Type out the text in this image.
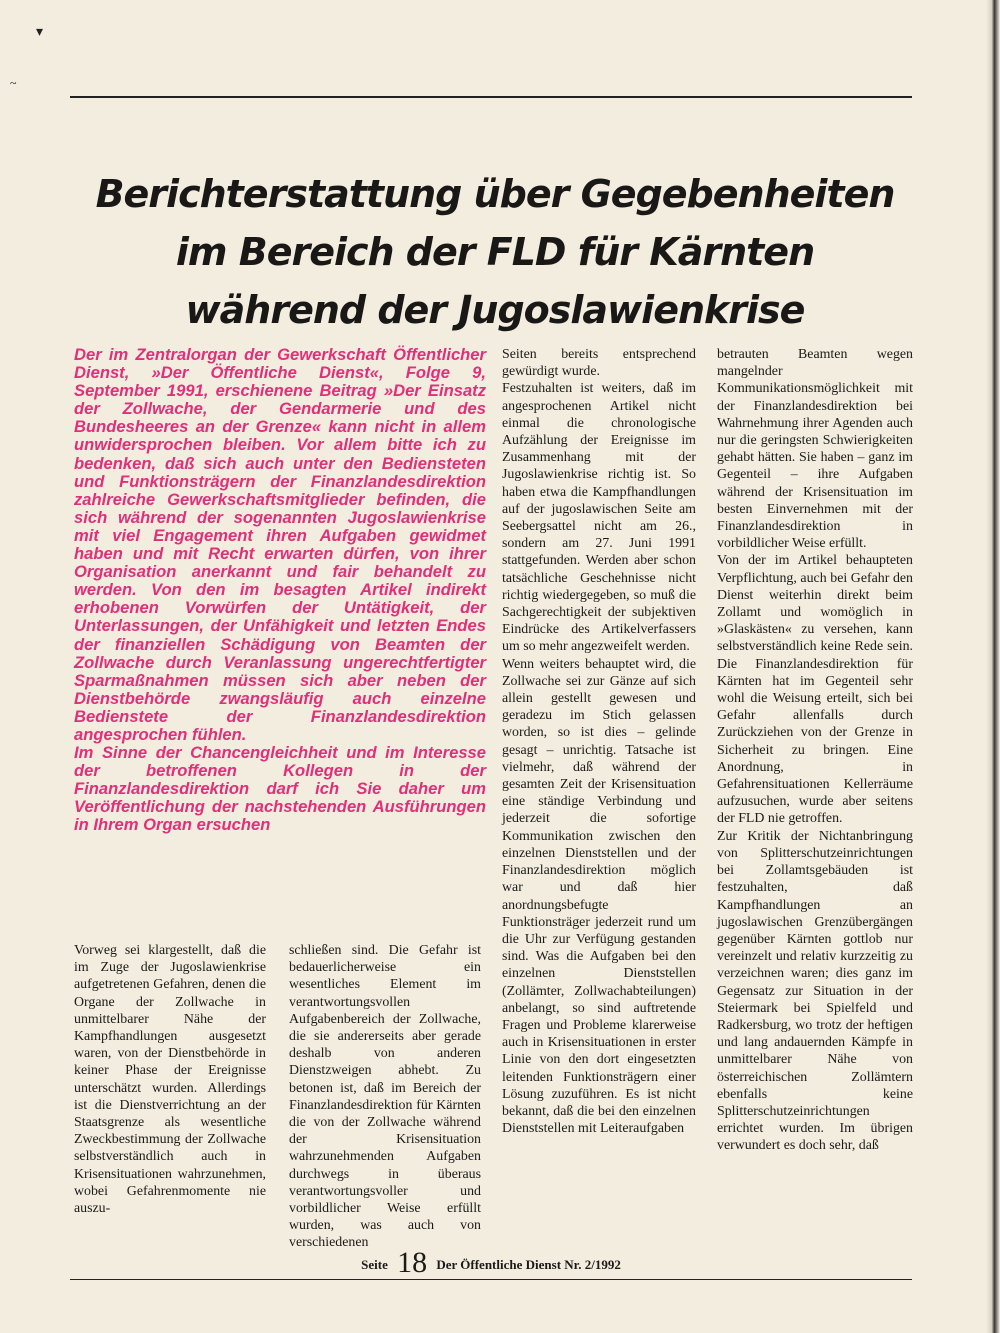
▾
~
Berichterstattung über Gegebenheiten
im Bereich der FLD für Kärnten
während der Jugoslawienkrise

Der im Zentralorgan der Gewerkschaft Öffentlicher Dienst, »Der Öffentliche Dienst«, Folge 9, September 1991, erschienene Beitrag »Der Einsatz der Zollwache, der Gendarmerie und des Bundesheeres an der Grenze« kann nicht in allem unwidersprochen bleiben. Vor allem bitte ich zu bedenken, daß sich auch unter den Bediensteten und Funktionsträgern der Finanzlandesdirektion zahlreiche Gewerkschaftsmitglieder befinden, die sich während der sogenannten Jugoslawienkrise mit viel Engagement ihren Aufgaben gewidmet haben und mit Recht erwarten dürfen, von ihrer Organisation anerkannt und fair behandelt zu werden. Von den im besagten Artikel indirekt erhobenen Vorwürfen der Untätigkeit, der Unterlassungen, der Unfähigkeit und letzten Endes der finanziellen Schädigung von Beamten der Zollwache durch Veranlassung ungerechtfertigter Sparmaßnahmen müssen sich aber neben der Dienstbehörde zwangsläufig auch einzelne Bedienstete der Finanzlandesdirektion angesprochen fühlen.

Im Sinne der Chancengleichheit und im Interesse der betroffenen Kollegen in der Finanzlandesdirektion darf ich Sie daher um Veröffentlichung der nachstehenden Ausführungen in Ihrem Organ ersuchen

Vorweg sei klargestellt, daß die im Zuge der Jugoslawienkrise aufgetretenen Gefahren, denen die Organe der Zollwache in unmittelbarer Nähe der Kampfhandlungen ausgesetzt waren, von der Dienstbehörde in keiner Phase der Ereignisse unterschätzt wurden. Allerdings ist die Dienstverrichtung an der Staatsgrenze als wesentliche Zweckbestimmung der Zollwache selbstverständlich auch in Krisensituationen wahrzunehmen, wobei Gefahrenmomente nie auszu-

schließen sind. Die Gefahr ist bedauerlicherweise ein wesentliches Element im verantwortungsvollen Aufgabenbereich der Zollwache, die sie andererseits aber gerade deshalb von anderen Dienstzweigen abhebt. Zu betonen ist, daß im Bereich der Finanzlandesdirektion für Kärnten die von der Zollwache während der Krisensituation wahrzunehmenden Aufgaben durchwegs in überaus verantwortungsvoller und vorbildlicher Weise erfüllt wurden, was auch von verschiedenen

Seiten bereits entsprechend gewürdigt wurde.

Festzuhalten ist weiters, daß im angesprochenen Artikel nicht einmal die chronologische Aufzählung der Ereignisse im Zusammenhang mit der Jugoslawienkrise richtig ist. So haben etwa die Kampfhandlungen auf der jugoslawischen Seite am Seebergsattel nicht am 26., sondern am 27. Juni 1991 stattgefunden. Werden aber schon tatsächliche Geschehnisse nicht richtig wiedergegeben, so muß die Sachgerechtigkeit der subjektiven Eindrücke des Artikelverfassers um so mehr angezweifelt werden.

Wenn weiters behauptet wird, die Zollwache sei zur Gänze auf sich allein gestellt gewesen und geradezu im Stich gelassen worden, so ist dies – gelinde gesagt – unrichtig. Tatsache ist vielmehr, daß während der gesamten Zeit der Krisensituation eine ständige Verbindung und jederzeit die sofortige Kommunikation zwischen den einzelnen Dienststellen und der Finanzlandesdirektion möglich war und daß hier anordnungsbefugte Funktionsträger jederzeit rund um die Uhr zur Verfügung gestanden sind. Was die Aufgaben bei den einzelnen Dienststellen (Zollämter, Zollwachabteilungen) anbelangt, so sind auftretende Fragen und Probleme klarerweise auch in Krisensituationen in erster Linie von den dort eingesetzten leitenden Funktionsträgern einer Lösung zuzuführen. Es ist nicht bekannt, daß die bei den einzelnen Dienststellen mit Leiteraufgaben

betrauten Beamten wegen mangelnder Kommunikationsmöglichkeit mit der Finanzlandesdirektion bei Wahrnehmung ihrer Agenden auch nur die geringsten Schwierigkeiten gehabt hätten. Sie haben – ganz im Gegenteil – ihre Aufgaben während der Krisensituation im besten Einvernehmen mit der Finanzlandesdirektion in vorbildlicher Weise erfüllt.

Von der im Artikel behaupteten Verpflichtung, auch bei Gefahr den Dienst weiterhin direkt beim Zollamt und womöglich in »Glaskästen« zu versehen, kann selbstverständlich keine Rede sein. Die Finanzlandesdirektion für Kärnten hat im Gegenteil sehr wohl die Weisung erteilt, sich bei Gefahr allenfalls durch Zurückziehen von der Grenze in Sicherheit zu bringen. Eine Anordnung, in Gefahrensituationen Kellerräume aufzusuchen, wurde aber seitens der FLD nie getroffen.

Zur Kritik der Nichtanbringung von Splitterschutzeinrichtungen bei Zollamtsgebäuden ist festzuhalten, daß Kampfhandlungen an jugoslawischen Grenzübergängen gegenüber Kärnten gottlob nur vereinzelt und relativ kurzzeitig zu verzeichnen waren; dies ganz im Gegensatz zur Situation in der Steiermark bei Spielfeld und Radkersburg, wo trotz der heftigen und lang andauernden Kämpfe in unmittelbarer Nähe von österreichischen Zollämtern ebenfalls keine Splitterschutzeinrichtungen errichtet wurden. Im übrigen verwundert es doch sehr, daß

Seite 18 Der Öffentliche Dienst Nr. 2/1992
